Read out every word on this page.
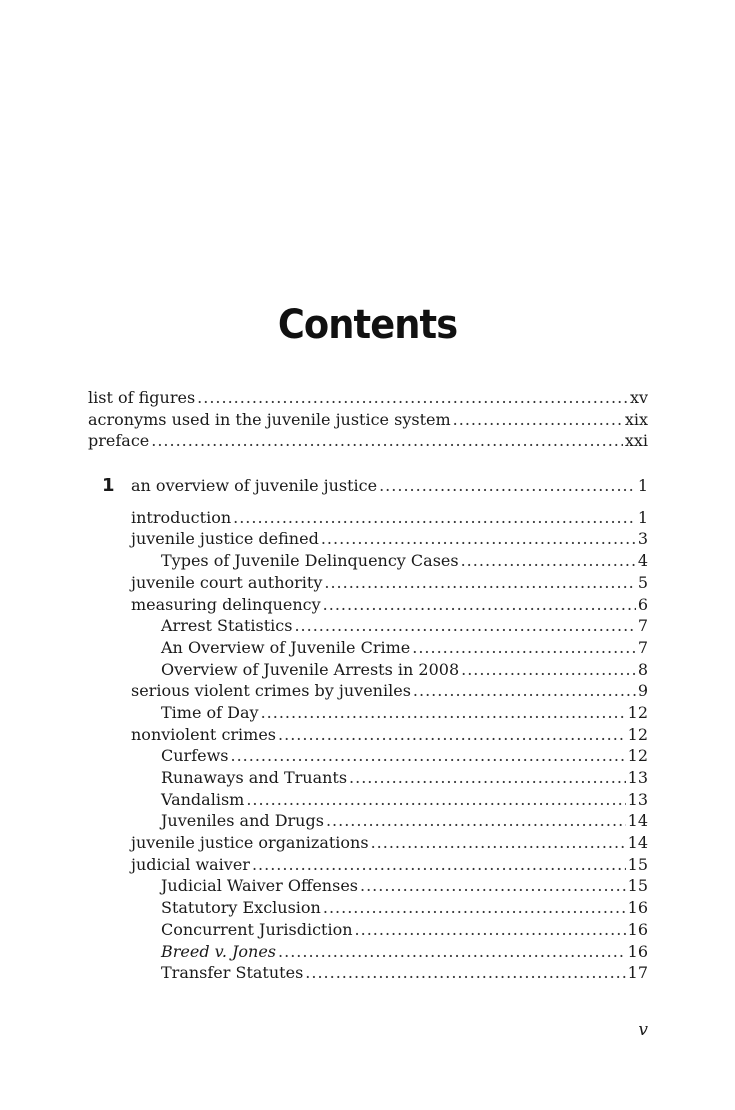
Contents
list of figures .....	xv
acronyms used in the juvenile justice system .....	xix
preface .....	xxi
1 an overview of juvenile justice .....	1
introduction .....	1
juvenile justice defined .....	3
Types of Juvenile Delinquency Cases .....	4
juvenile court authority .....	5
measuring delinquency .....	6
Arrest Statistics .....	7
An Overview of Juvenile Crime .....	7
Overview of Juvenile Arrests in 2008 .....	8
serious violent crimes by juveniles .....	9
Time of Day .....	12
nonviolent crimes .....	12
Curfews .....	12
Runaways and Truants .....	13
Vandalism .....	13
Juveniles and Drugs .....	14
juvenile justice organizations .....	14
judicial waiver .....	15
Judicial Waiver Offenses .....	15
Statutory Exclusion .....	16
Concurrent Jurisdiction .....	16
Breed v. Jones .....	16
Transfer Statutes .....	17
v
